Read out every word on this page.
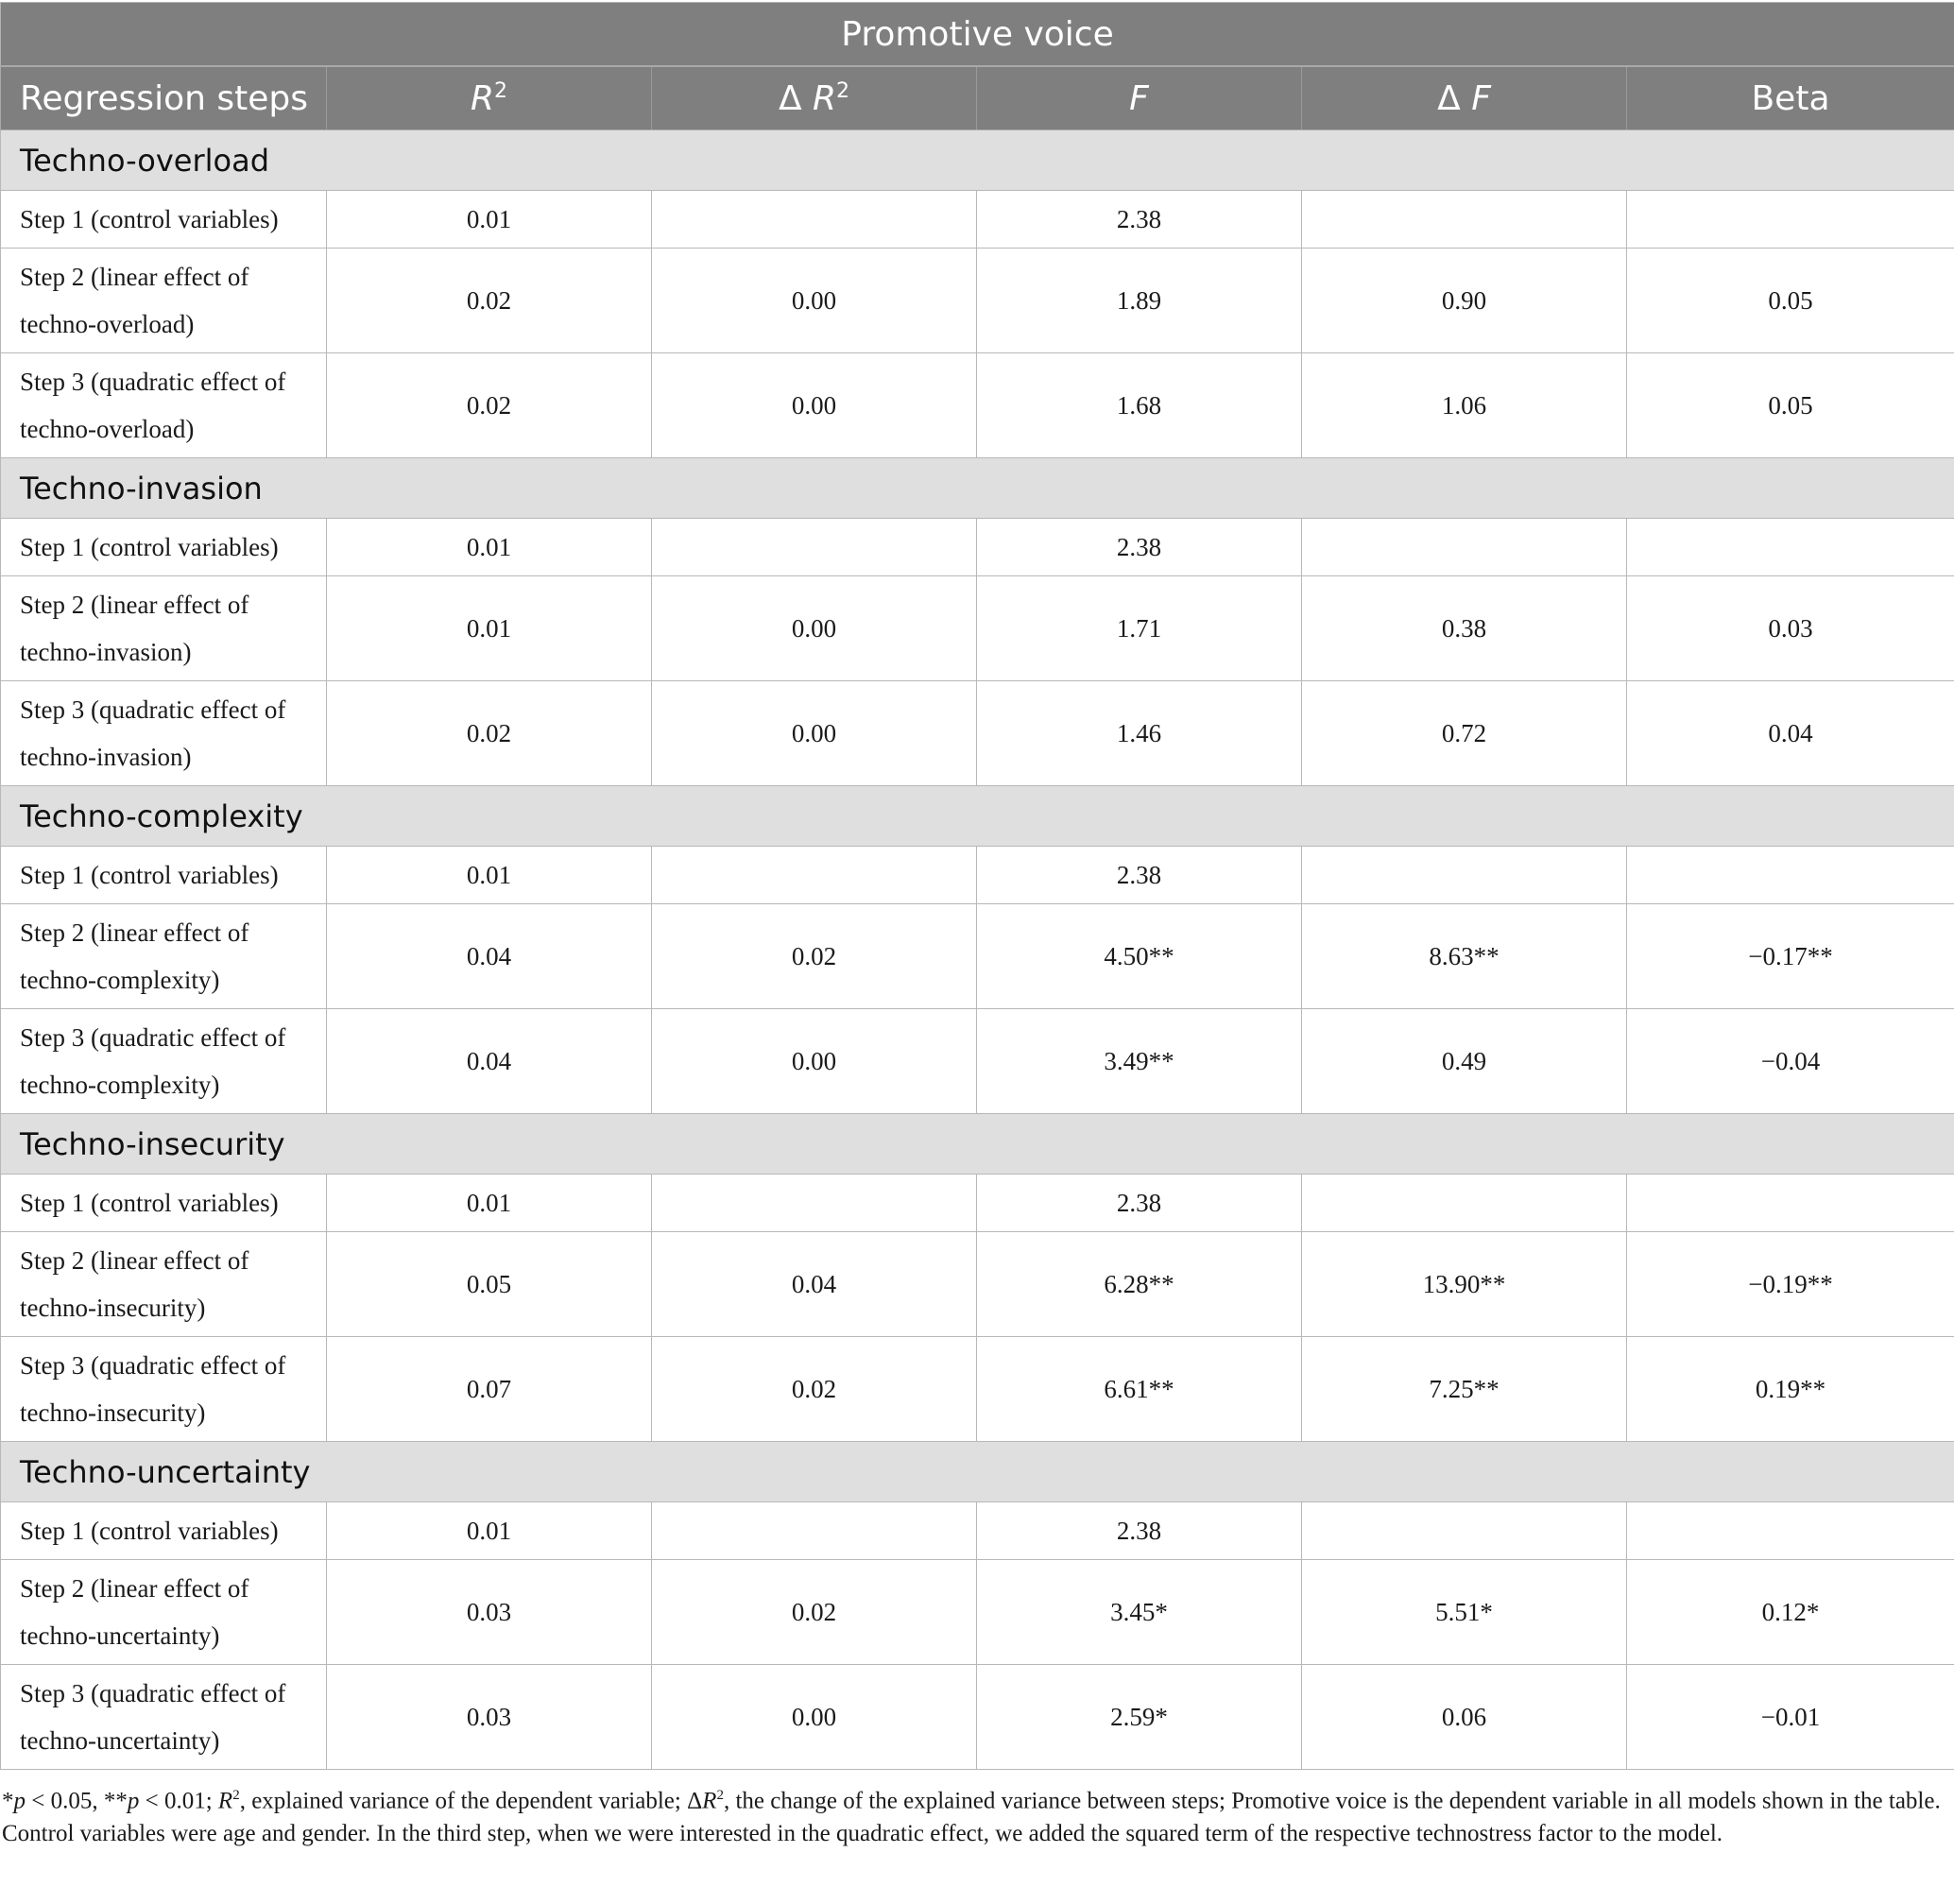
Promotive voice					
Regression steps	$R^2$	Δ $R^2$	F	Δ F	Beta
Techno-overload					
Step 1 (control variables)	0.01		2.38		
Step 2 (linear effect of techno-overload)	0.02	0.00	1.89	0.90	0.05
Step 3 (quadratic effect of techno-overload)	0.02	0.00	1.68	1.06	0.05
Techno-invasion					
Step 1 (control variables)	0.01		2.38		
Step 2 (linear effect of techno-invasion)	0.01	0.00	1.71	0.38	0.03
Step 3 (quadratic effect of techno-invasion)	0.02	0.00	1.46	0.72	0.04
Techno-complexity					
Step 1 (control variables)	0.01		2.38		
Step 2 (linear effect of techno-complexity)	0.04	0.02	4.50**	8.63**	−0.17**
Step 3 (quadratic effect of techno-complexity)	0.04	0.00	3.49**	0.49	−0.04
Techno-insecurity					
Step 1 (control variables)	0.01		2.38		
Step 2 (linear effect of techno-insecurity)	0.05	0.04	6.28**	13.90**	−0.19**
Step 3 (quadratic effect of techno-insecurity)	0.07	0.02	6.61**	7.25**	0.19**
Techno-uncertainty					
Step 1 (control variables)	0.01		2.38		
Step 2 (linear effect of techno-uncertainty)	0.03	0.02	3.45*	5.51*	0.12*
Step 3 (quadratic effect of techno-uncertainty)	0.03	0.00	2.59*	0.06	−0.01
*p < 0.05, **p < 0.01; $R^2$, explained variance of the dependent variable; $\Delta R^2$, the change of the explained variance between steps; Promotive voice is the dependent variable in all models shown in the table. Control variables were age and gender. In the third step, when we were interested in the quadratic effect, we added the squared term of the respective technostress factor to the model.
